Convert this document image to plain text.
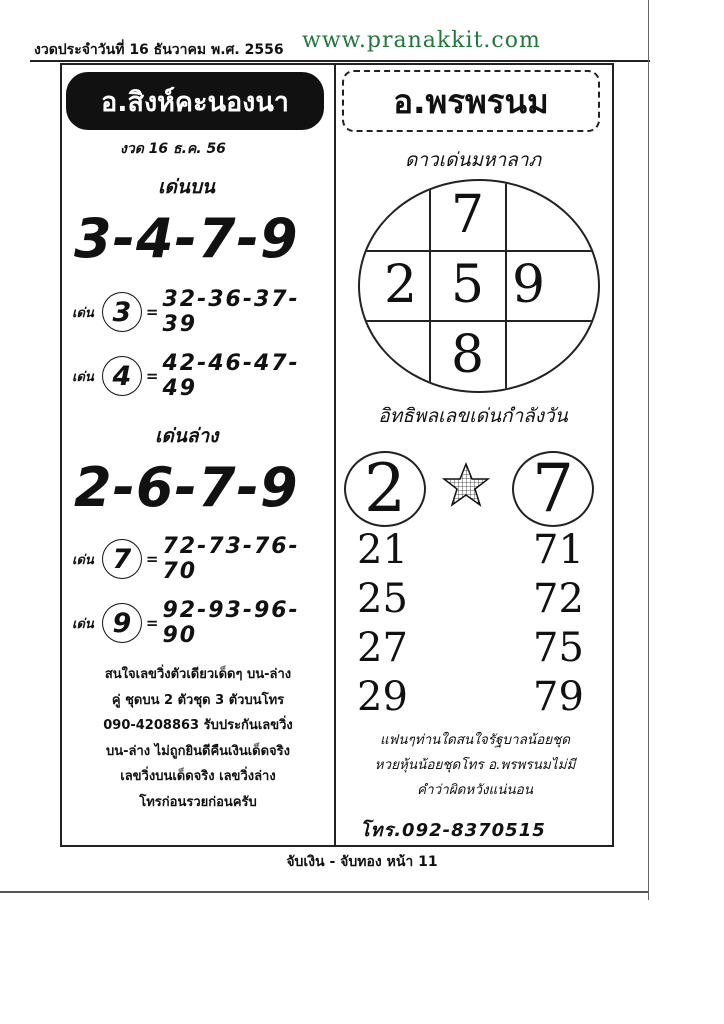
งวดประจำวันที่ 16 ธันวาคม พ.ศ. 2556 www.pranakkit.com
อ.สิงห์คะนองนา
งวด 16 ธ.ค. 56
เด่นบน
3-4-7-9
เด่น 3 = 32-36-37-39
เด่น 4 = 42-46-47-49
เด่นล่าง
2-6-7-9
เด่น 7 = 72-73-76-70
เด่น 9 = 92-93-96-90
สนใจเลขวิ่งตัวเดียวเด็ดๆ บน-ล่าง
คู่ ชุดบน 2 ตัวชุด 3 ตัวบนโทร
090-4208863 รับประกันเลขวิ่ง
บน-ล่าง ไม่ถูกยินดีคืนเงินเด็ดจริง
เลขวิ่งบนเด็ดจริง เลขวิ่งล่าง
โทรก่อนรวยก่อนครับ
อ.พรพรนม
ดาวเด่นมหาลาภ
7
2 5 9
8
อิทธิพลเลขเด่นกำลังวัน
2	7
21
25
27
29
71
72
75
79
แฟนๆท่านใดสนใจรัฐบาลน้อยชุด
หวยหุ้นน้อยชุดโทร อ.พรพรนมไม่มี
คำว่าผิดหวังแน่นอน
โทร.092-8370515
จับเงิน - จับทอง หน้า 11
